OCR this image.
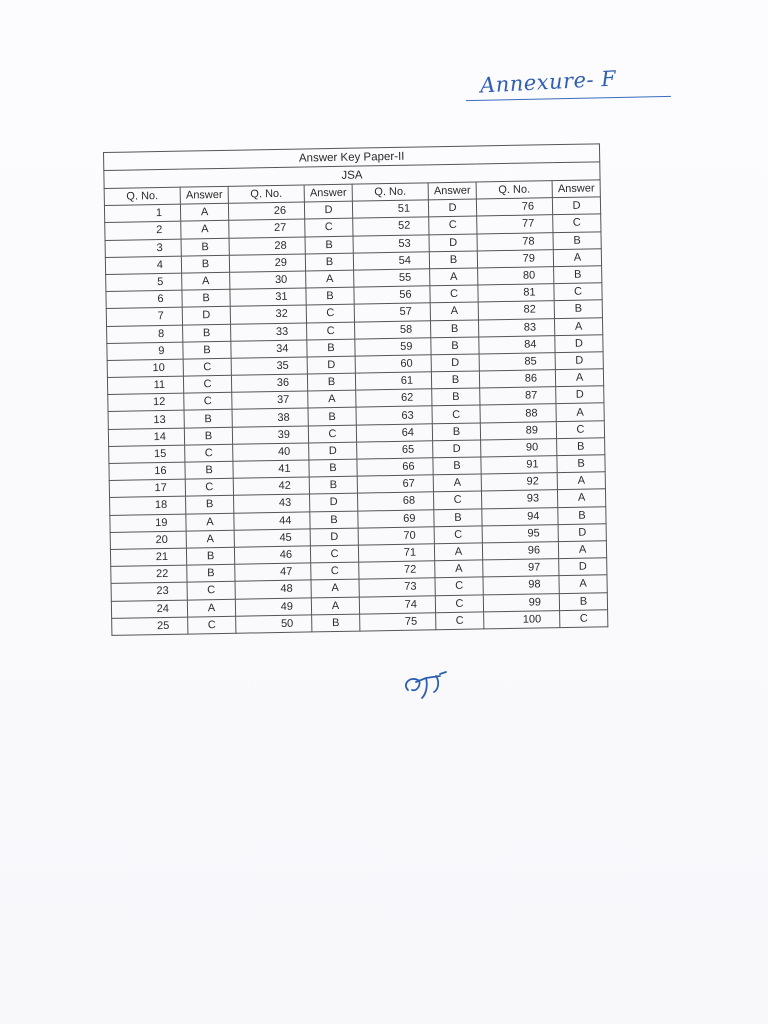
Annexure- F
Answer Key Paper-II							
JSA							
Q. No.	Answer	Q. No.	Answer	Q. No.	Answer	Q. No.	Answer
1	A	26	D	51	D	76	D
2	A	27	C	52	C	77	C
3	B	28	B	53	D	78	B
4	B	29	B	54	B	79	A
5	A	30	A	55	A	80	B
6	B	31	B	56	C	81	C
7	D	32	C	57	A	82	B
8	B	33	C	58	B	83	A
9	B	34	B	59	B	84	D
10	C	35	D	60	D	85	D
11	C	36	B	61	B	86	A
12	C	37	A	62	B	87	D
13	B	38	B	63	C	88	A
14	B	39	C	64	B	89	C
15	C	40	D	65	D	90	B
16	B	41	B	66	B	91	B
17	C	42	B	67	A	92	A
18	B	43	D	68	C	93	A
19	A	44	B	69	B	94	B
20	A	45	D	70	C	95	D
21	B	46	C	71	A	96	A
22	B	47	C	72	A	97	D
23	C	48	A	73	C	98	A
24	A	49	A	74	C	99	B
25	C	50	B	75	C	100	C
